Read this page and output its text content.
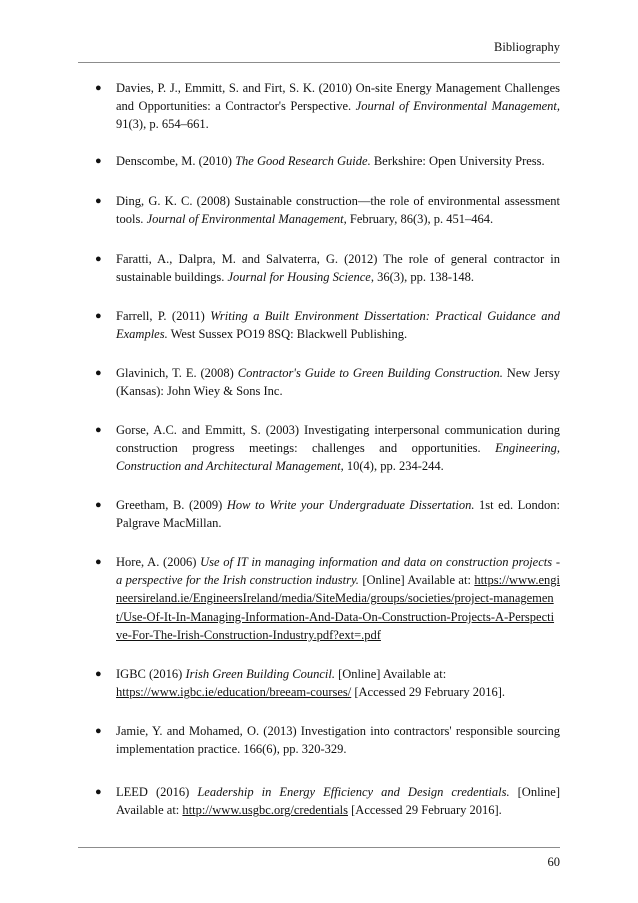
Bibliography
● Davies, P. J., Emmitt, S. and Firt, S. K. (2010) On-site Energy Management Challenges and Opportunities: a Contractor's Perspective. Journal of Environmental Management, 91(3), p. 654–661.
● Denscombe, M. (2010) The Good Research Guide. Berkshire: Open University Press.
● Ding, G. K. C. (2008) Sustainable construction—the role of environmental assessment tools. Journal of Environmental Management, February, 86(3), p. 451–464.
● Faratti, A., Dalpra, M. and Salvaterra, G. (2012) The role of general contractor in sustainable buildings. Journal for Housing Science, 36(3), pp. 138-148.
● Farrell, P. (2011) Writing a Built Environment Dissertation: Practical Guidance and Examples. West Sussex PO19 8SQ: Blackwell Publishing.
● Glavinich, T. E. (2008) Contractor's Guide to Green Building Construction. New Jersy (Kansas): John Wiey & Sons Inc.
● Gorse, A.C. and Emmitt, S. (2003) Investigating interpersonal communication during construction progress meetings: challenges and opportunities. Engineering, Construction and Architectural Management, 10(4), pp. 234-244.
● Greetham, B. (2009) How to Write your Undergraduate Dissertation. 1st ed. London: Palgrave MacMillan.
● Hore, A. (2006) Use of IT in managing information and data on construction projects - a perspective for the Irish construction industry. [Online] Available at: https://www.engineersireland.ie/EngineersIreland/media/SiteMedia/groups/societies/project-management/Use-Of-It-In-Managing-Information-And-Data-On-Construction-Projects-A-Perspective-For-The-Irish-Construction-Industry.pdf?ext=.pdf
● IGBC (2016) Irish Green Building Council. [Online] Available at:
https://www.igbc.ie/education/breeam-courses/ [Accessed 29 February 2016].
● Jamie, Y. and Mohamed, O. (2013) Investigation into contractors' responsible sourcing implementation practice. 166(6), pp. 320-329.
● LEED (2016) Leadership in Energy Efficiency and Design credentials. [Online] Available at: http://www.usgbc.org/credentials [Accessed 29 February 2016].
60
